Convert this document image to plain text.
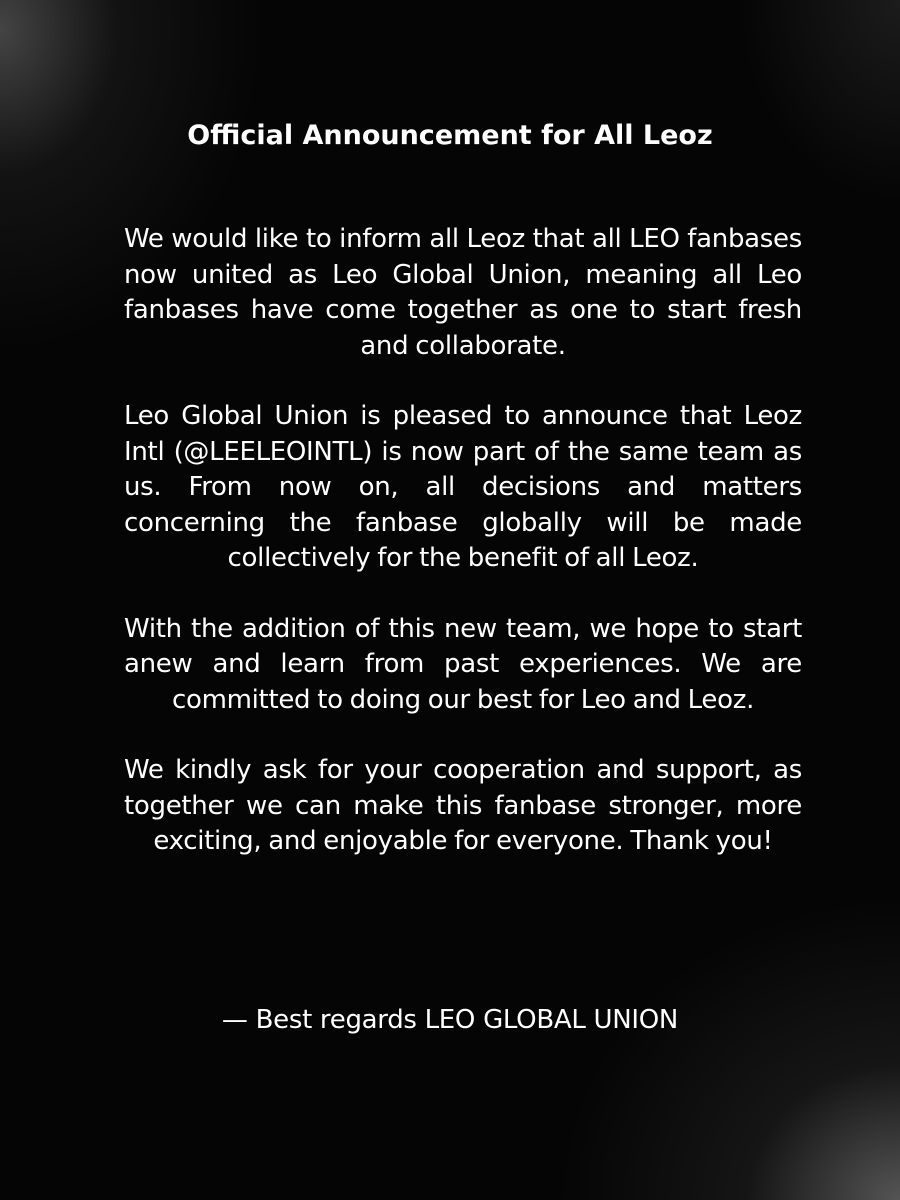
Official Announcement for All Leoz

We would like to inform all Leoz that all LEO fanbases now united as Leo Global Union, meaning all Leo fanbases have come together as one to start fresh and collaborate.

Leo Global Union is pleased to announce that Leoz Intl (@LEELEOINTL) is now part of the same team as us. From now on, all decisions and matters concerning the fanbase globally will be made collectively for the benefit of all Leoz.

With the addition of this new team, we hope to start anew and learn from past experiences. We are committed to doing our best for Leo and Leoz.

We kindly ask for your cooperation and support, as together we can make this fanbase stronger, more exciting, and enjoyable for everyone. Thank you!

— Best regards LEO GLOBAL UNION
